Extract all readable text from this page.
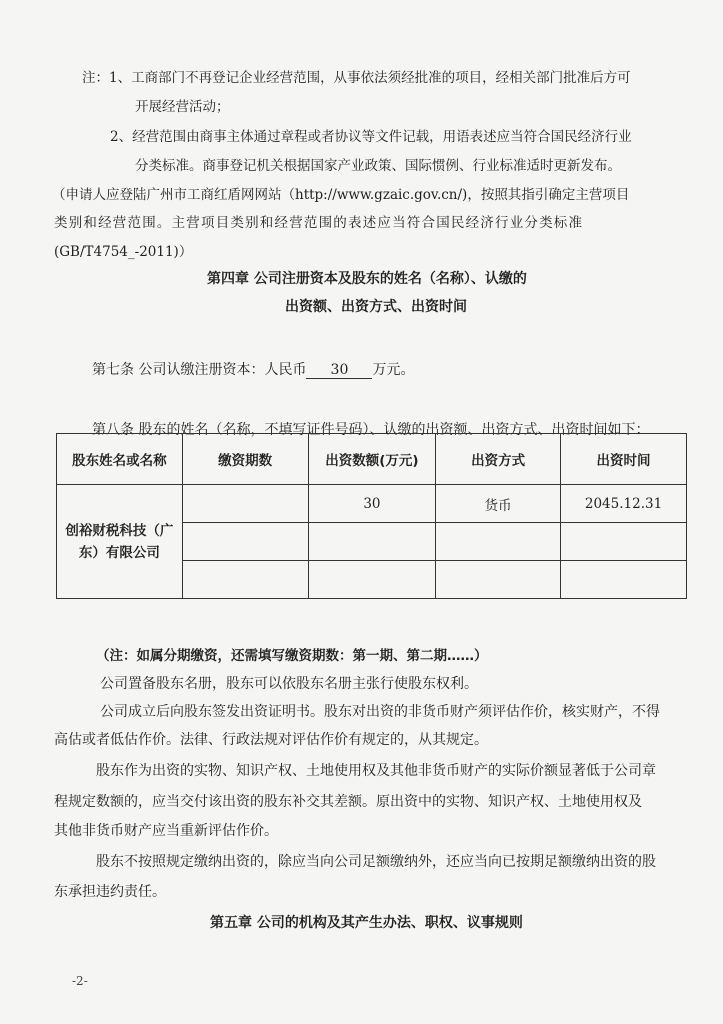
注：1、工商部门不再登记企业经营范围，从事依法须经批准的项目，经相关部门批准后方可
开展经营活动；
2、经营范围由商事主体通过章程或者协议等文件记载，用语表述应当符合国民经济行业
分类标准。商事登记机关根据国家产业政策、国际惯例、行业标准适时更新发布。
（申请人应登陆广州市工商红盾网网站（http://www.gzaic.gov.cn/)，按照其指引确定主营项目
类别和经营范围。主营项目类别和经营范围的表述应当符合国民经济行业分类标准
(GB/T4754_-2011)）
第四章 公司注册资本及股东的姓名（名称）、认缴的
出资额、出资方式、出资时间
第七条 公司认缴注册资本：人民币 30 万元。
第八条 股东的姓名（名称，不填写证件号码）、认缴的出资额、出资方式、出资时间如下：
股东姓名或名称	缴资期数	出资数额(万元)	出资方式	出资时间
创裕财税科技（广东）有限公司		30	货币	2045.12.31

（注：如属分期缴资，还需填写缴资期数：第一期、第二期……）
公司置备股东名册，股东可以依股东名册主张行使股东权利。
公司成立后向股东签发出资证明书。股东对出资的非货币财产须评估作价，核实财产，不得
高估或者低估作价。法律、行政法规对评估作价有规定的，从其规定。
股东作为出资的实物、知识产权、土地使用权及其他非货币财产的实际价额显著低于公司章
程规定数额的，应当交付该出资的股东补交其差额。原出资中的实物、知识产权、土地使用权及
其他非货币财产应当重新评估作价。
股东不按照规定缴纳出资的，除应当向公司足额缴纳外，还应当向已按期足额缴纳出资的股
东承担违约责任。
第五章 公司的机构及其产生办法、职权、议事规则
-2-
